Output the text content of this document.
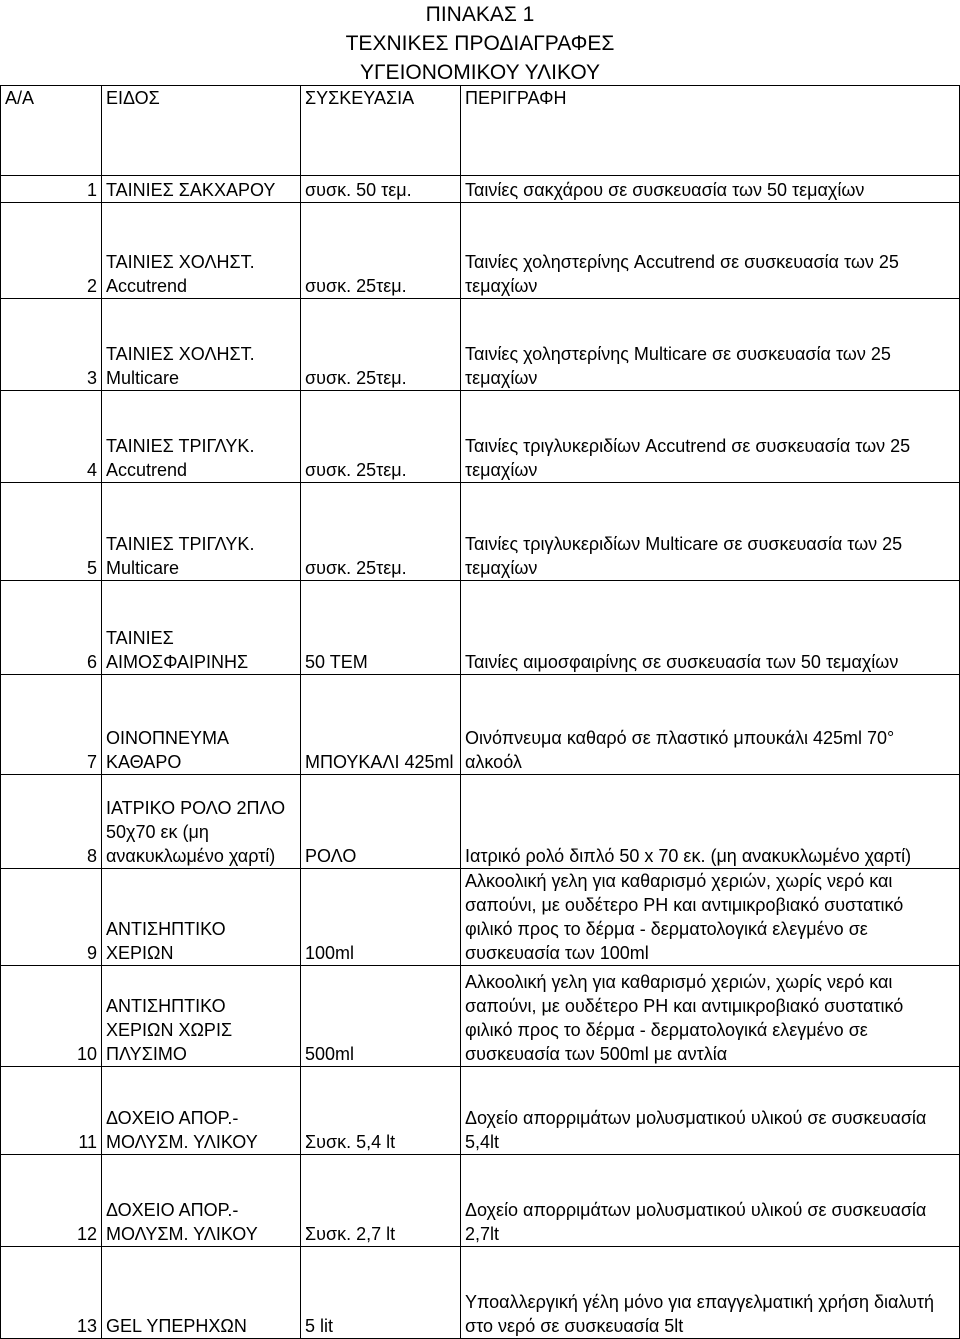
ΠΙΝΑΚΑΣ 1
ΤΕΧΝΙΚΕΣ ΠΡΟΔΙΑΓΡΑΦΕΣ
ΥΓΕΙΟΝΟΜΙΚΟΥ ΥΛΙΚΟΥ
Α/Α	ΕΙΔΟΣ	ΣΥΣΚΕΥΑΣΙΑ	ΠΕΡΙΓΡΑΦΗ
1	ΤΑΙΝΙΕΣ ΣΑΚΧΑΡΟΥ	συσκ. 50 τεμ.	Ταινίες σακχάρου σε συσκευασία των 50 τεμαχίων
2	ΤΑΙΝΙΕΣ ΧΟΛΗΣΤ. Accutrend	συσκ. 25τεμ.	Ταινίες χοληστερίνης Accutrend σε συσκευασία των 25 τεμαχίων
3	ΤΑΙΝΙΕΣ ΧΟΛΗΣΤ. Multicare	συσκ. 25τεμ.	Ταινίες χοληστερίνης Multicare σε συσκευασία των 25 τεμαχίων
4	ΤΑΙΝΙΕΣ ΤΡΙΓΛΥΚ. Accutrend	συσκ. 25τεμ.	Ταινίες τριγλυκεριδίων Accutrend σε συσκευασία των 25 τεμαχίων
5	ΤΑΙΝΙΕΣ ΤΡΙΓΛΥΚ. Multicare	συσκ. 25τεμ.	Ταινίες τριγλυκεριδίων Multicare σε συσκευασία των 25 τεμαχίων
6	ΤΑΙΝΙΕΣ ΑΙΜΟΣΦΑΙΡΙΝΗΣ	50 ΤΕΜ	Ταινίες αιμοσφαιρίνης σε συσκευασία των 50 τεμαχίων
7	ΟΙΝΟΠΝΕΥΜΑ ΚΑΘΑΡΟ	ΜΠΟΥΚΑΛΙ 425ml	Οινόπνευμα καθαρό σε πλαστικό μπουκάλι 425ml 70° αλκοόλ
8	ΙΑΤΡΙΚΟ ΡΟΛΟ 2ΠΛΟ 50χ70 εκ (μη ανακυκλωμένο χαρτί)	ΡΟΛΟ	Ιατρικό ρολό διπλό 50 x 70 εκ. (μη ανακυκλωμένο χαρτί)
9	ΑΝΤΙΣΗΠΤΙΚΟ ΧΕΡΙΩΝ	100ml	Αλκοολική γελη για καθαρισμό χεριών, χωρίς νερό και σαπούνι, με ουδέτερο PH και αντιμικροβιακό συστατικό φιλικό προς το δέρμα - δερματολογικά ελεγμένο σε συσκευασία των 100ml
10	ΑΝΤΙΣΗΠΤΙΚΟ ΧΕΡΙΩΝ ΧΩΡΙΣ ΠΛΥΣΙΜΟ	500ml	Αλκοολική γελη για καθαρισμό χεριών, χωρίς νερό και σαπούνι, με ουδέτερο PH και αντιμικροβιακό συστατικό φιλικό προς το δέρμα - δερματολογικά ελεγμένο σε συσκευασία των 500ml με αντλία
11	ΔΟΧΕΙΟ ΑΠΟΡ.- ΜΟΛΥΣΜ. ΥΛΙΚΟΥ	Συσκ. 5,4 lt	Δοχείο απορριμάτων μολυσματικού υλικού σε συσκευασία 5,4lt
12	ΔΟΧΕΙΟ ΑΠΟΡ.- ΜΟΛΥΣΜ. ΥΛΙΚΟΥ	Συσκ. 2,7 lt	Δοχείο απορριμάτων μολυσματικού υλικού σε συσκευασία 2,7lt
13	GEL ΥΠΕΡΗΧΩΝ	5 lit	Υποαλλεργική γέλη μόνο για επαγγελματική χρήση διαλυτή στο νερό σε συσκευασία 5lt
